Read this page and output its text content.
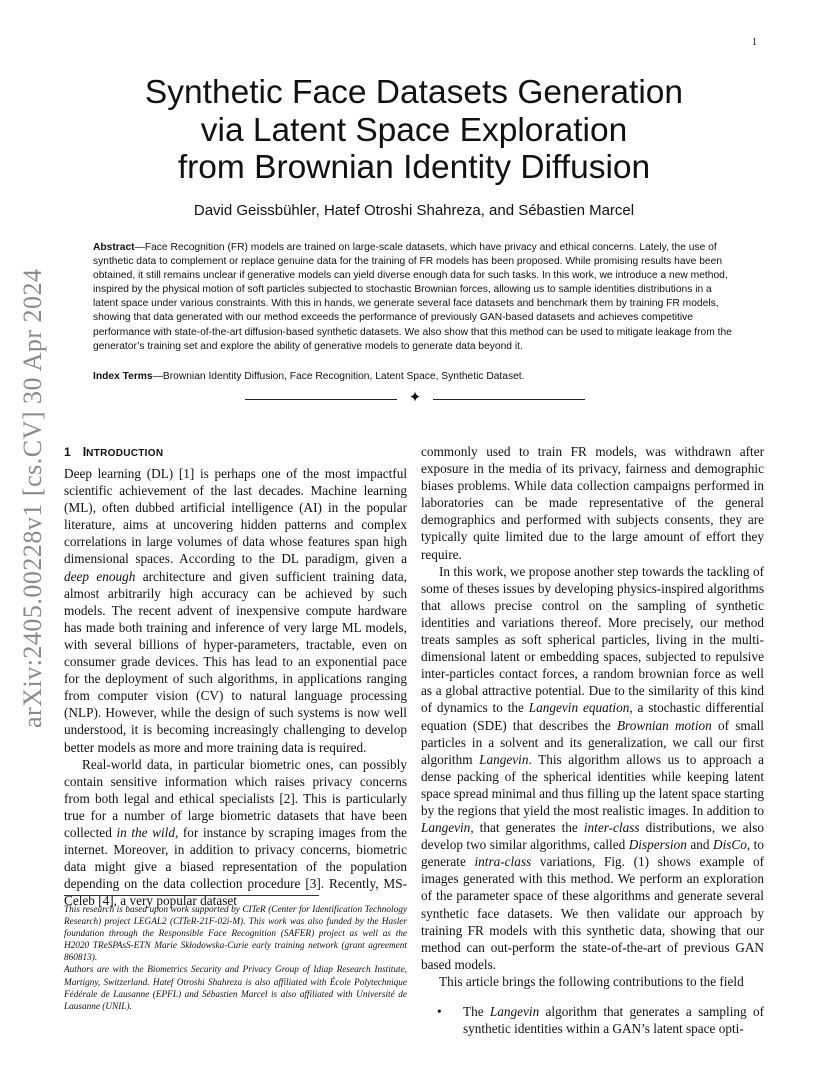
1
Synthetic Face Datasets Generation
via Latent Space Exploration
from Brownian Identity Diffusion
David Geissbühler, Hatef Otroshi Shahreza, and Sébastien Marcel
Abstract—Face Recognition (FR) models are trained on large-scale datasets, which have privacy and ethical concerns. Lately, the use of synthetic data to complement or replace genuine data for the training of FR models has been proposed. While promising results have been obtained, it still remains unclear if generative models can yield diverse enough data for such tasks. In this work, we introduce a new method, inspired by the physical motion of soft particles subjected to stochastic Brownian forces, allowing us to sample identities distributions in a latent space under various constraints. With this in hands, we generate several face datasets and benchmark them by training FR models, showing that data generated with our method exceeds the performance of previously GAN-based datasets and achieves competitive performance with state-of-the-art diffusion-based synthetic datasets. We also show that this method can be used to mitigate leakage from the generator’s training set and explore the ability of generative models to generate data beyond it.
Index Terms—Brownian Identity Diffusion, Face Recognition, Latent Space, Synthetic Dataset.
✦
arXiv:2405.00228v1 [cs.CV] 30 Apr 2024 1 INTRODUCTION

Deep learning (DL) [1] is perhaps one of the most impactful scientific achievement of the last decades. Machine learning (ML), often dubbed artificial intelligence (AI) in the popular literature, aims at uncovering hidden patterns and complex correlations in large volumes of data whose features span high dimensional spaces. According to the DL paradigm, given a deep enough architecture and given sufficient training data, almost arbitrarily high accuracy can be achieved by such models. The recent advent of inexpensive compute hardware has made both training and inference of very large ML models, with several billions of hyper-parameters, tractable, even on consumer grade devices. This has lead to an exponential pace for the deployment of such algorithms, in applications ranging from computer vision (CV) to natural language processing (NLP). However, while the design of such systems is now well understood, it is becoming increasingly challenging to develop better models as more and more training data is required.

Real-world data, in particular biometric ones, can possibly contain sensitive information which raises privacy concerns from both legal and ethical specialists [2]. This is particularly true for a number of large biometric datasets that have been collected in the wild, for instance by scraping images from the internet. Moreover, in addition to privacy concerns, biometric data might give a biased representation of the population depending on the data collection procedure [3]. Recently, MS-Celeb [4], a very popular dataset

This research is based upon work supported by CITeR (Center for Identification Technology Research) project LEGAL2 (CITeR-21F-02i-M). This work was also funded by the Hasler foundation through the Responsible Face Recognition (SAFER) project as well as the H2020 TReSPAsS-ETN Marie Skłodowska-Curie early training network (grant agreement 860813).

Authors are with the Biometrics Security and Privacy Group of Idiap Research Institute, Martigny, Switzerland. Hatef Otroshi Shahreza is also affiliated with École Polytechnique Fédérale de Lausanne (EPFL) and Sébastien Marcel is also affiliated with Université de Lausanne (UNIL).

commonly used to train FR models, was withdrawn after exposure in the media of its privacy, fairness and demographic biases problems. While data collection campaigns performed in laboratories can be made representative of the general demographics and performed with subjects consents, they are typically quite limited due to the large amount of effort they require.

In this work, we propose another step towards the tackling of some of theses issues by developing physics-inspired algorithms that allows precise control on the sampling of synthetic identities and variations thereof. More precisely, our method treats samples as soft spherical particles, living in the multi-dimensional latent or embedding spaces, subjected to repulsive inter-particles contact forces, a random brownian force as well as a global attractive potential. Due to the similarity of this kind of dynamics to the Langevin equation, a stochastic differential equation (SDE) that describes the Brownian motion of small particles in a solvent and its generalization, we call our first algorithm Langevin. This algorithm allows us to approach a dense packing of the spherical identities while keeping latent space spread minimal and thus filling up the latent space starting by the regions that yield the most realistic images. In addition to Langevin, that generates the inter-class distributions, we also develop two similar algorithms, called Dispersion and DisCo, to generate intra-class variations, Fig. (1) shows example of images generated with this method. We perform an exploration of the parameter space of these algorithms and generate several synthetic face datasets. We then validate our approach by training FR models with this synthetic data, showing that our method can out-perform the state-of-the-art of previous GAN based models.

This article brings the following contributions to the field

• The Langevin algorithm that generates a sampling of synthetic identities within a GAN’s latent space opti-
